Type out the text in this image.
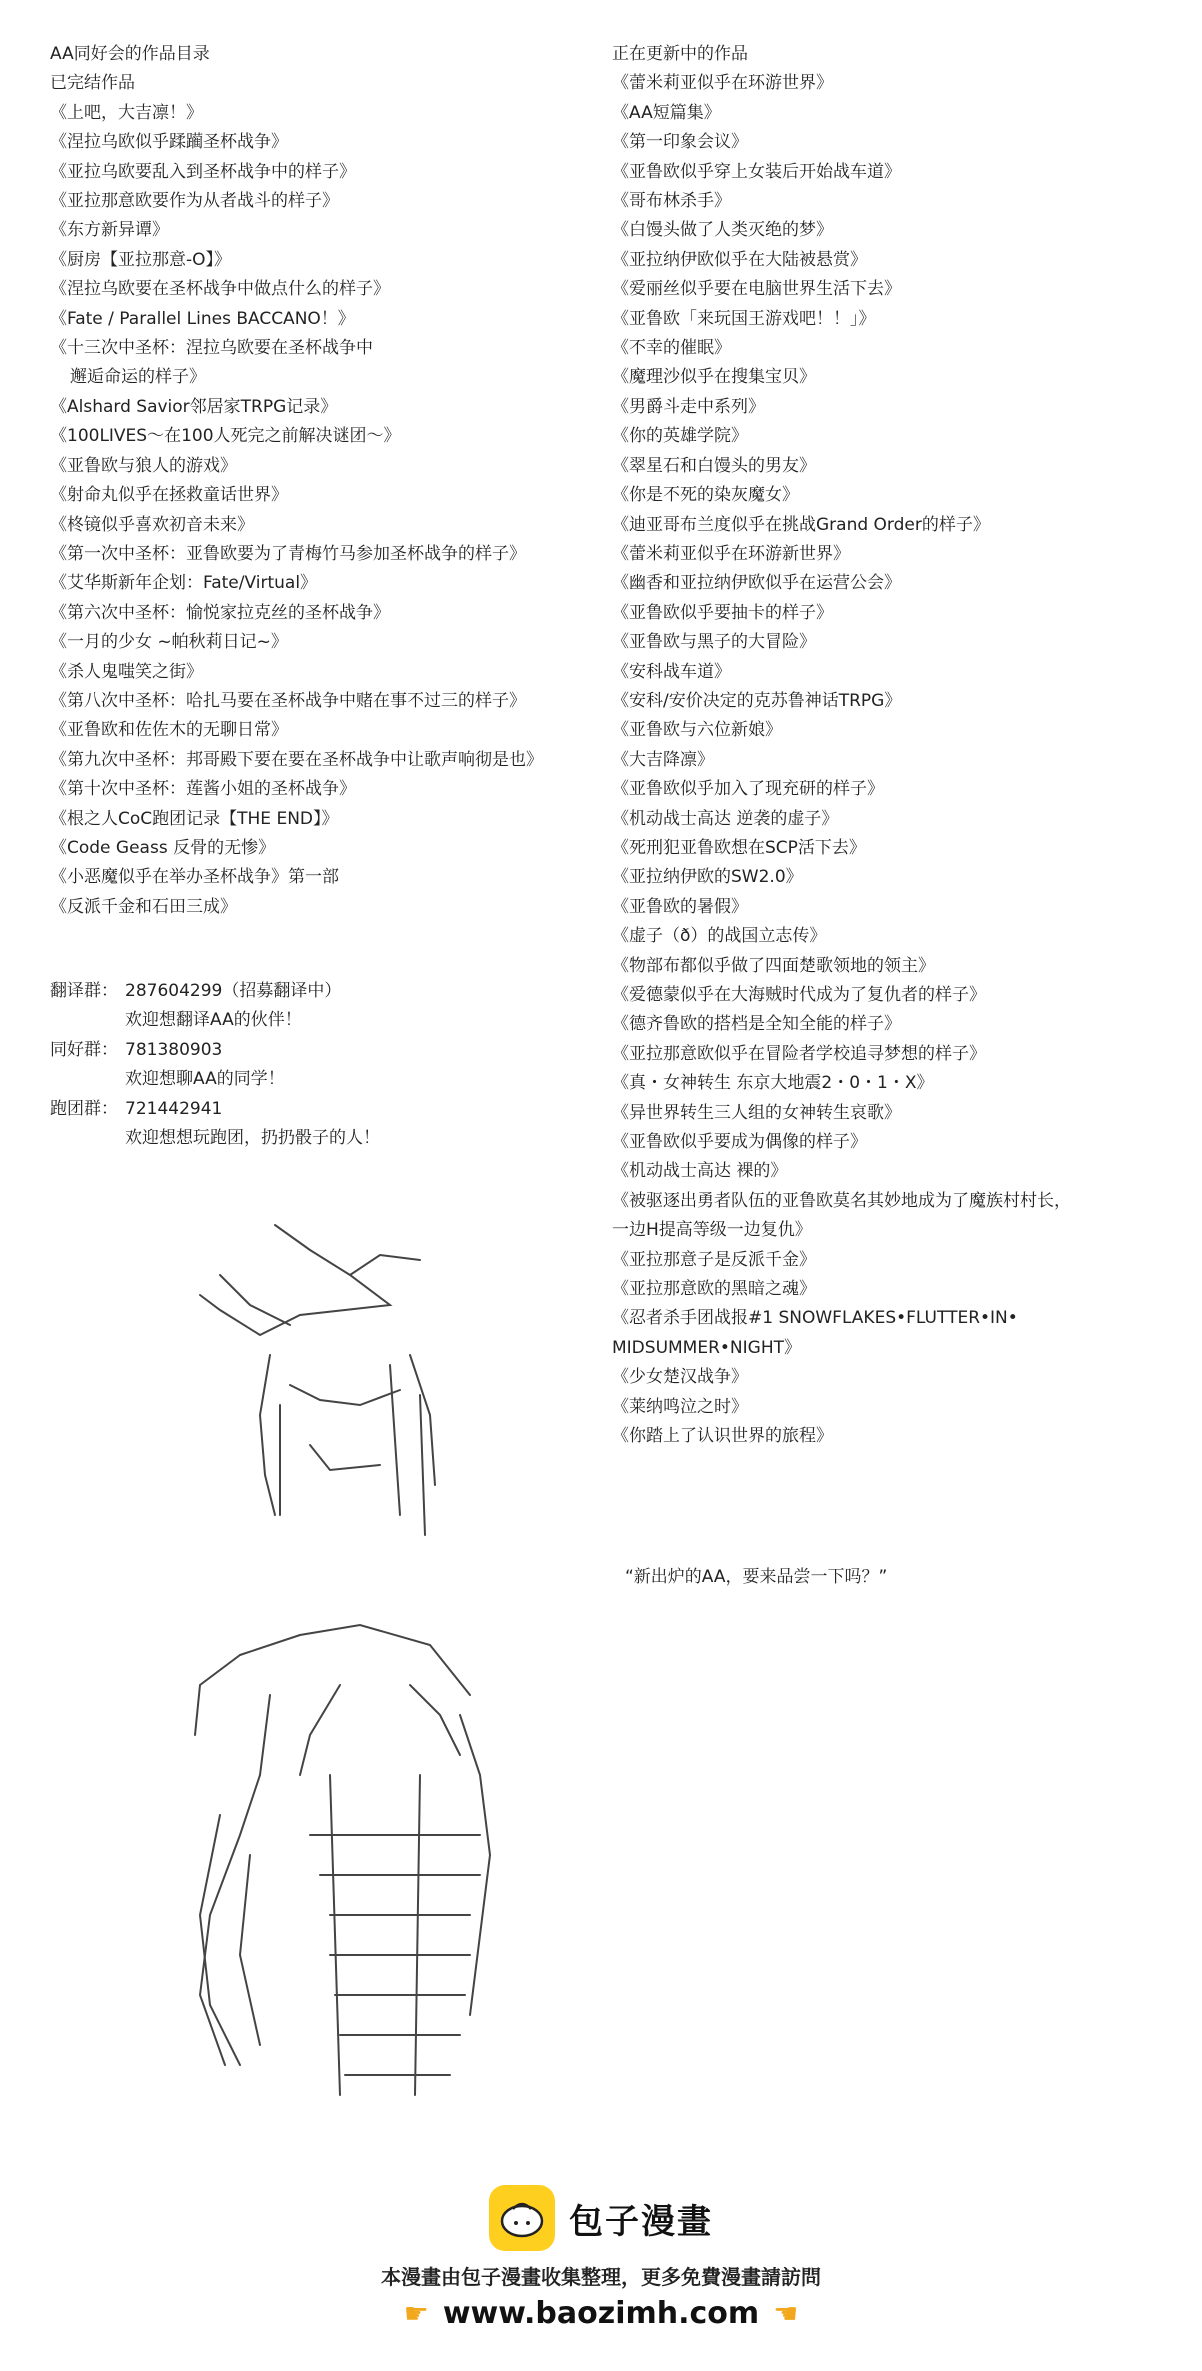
AA同好会的作品目录
已完结作品
《上吧，大吉凛！》
《涅拉乌欧似乎蹂躏圣杯战争》
《亚拉乌欧要乱入到圣杯战争中的样子》
《亚拉那意欧要作为从者战斗的样子》
《东方新异谭》
《厨房【亚拉那意-O】》
《涅拉乌欧要在圣杯战争中做点什么的样子》
《Fate / Parallel Lines BACCANO！》
《十三次中圣杯：涅拉乌欧要在圣杯战争中
邂逅命运的样子》
《Alshard Savior邻居家TRPG记录》
《100LIVES～在100人死完之前解决谜团～》
《亚鲁欧与狼人的游戏》
《射命丸似乎在拯救童话世界》
《柊镜似乎喜欢初音未来》
《第一次中圣杯：亚鲁欧要为了青梅竹马参加圣杯战争的样子》
《艾华斯新年企划：Fate/Virtual》
《第六次中圣杯：愉悦家拉克丝的圣杯战争》
《一月的少女 ~帕秋莉日记~》
《杀人鬼嗤笑之街》
《第八次中圣杯：哈扎马要在圣杯战争中赌在事不过三的样子》
《亚鲁欧和佐佐木的无聊日常》
《第九次中圣杯：邦哥殿下要在要在圣杯战争中让歌声响彻是也》
《第十次中圣杯：莲酱小姐的圣杯战争》
《根之人CoC跑团记录【THE END】》
《Code Geass 反骨的无惨》
《小恶魔似乎在举办圣杯战争》第一部
《反派千金和石田三成》
翻译群： 287604299（招募翻译中）
欢迎想翻译AA的伙伴！
同好群： 781380903
欢迎想聊AA的同学！
跑团群： 721442941
欢迎想想玩跑团，扔扔骰子的人！
正在更新中的作品
《蕾米莉亚似乎在环游世界》
《AA短篇集》
《第一印象会议》
《亚鲁欧似乎穿上女装后开始战车道》
《哥布林杀手》
《白馒头做了人类灭绝的梦》
《亚拉纳伊欧似乎在大陆被悬赏》
《爱丽丝似乎要在电脑世界生活下去》
《亚鲁欧「来玩国王游戏吧！！」》
《不幸的催眠》
《魔理沙似乎在搜集宝贝》
《男爵斗走中系列》
《你的英雄学院》
《翠星石和白馒头的男友》
《你是不死的染灰魔女》
《迪亚哥布兰度似乎在挑战Grand Order的样子》
《蕾米莉亚似乎在环游新世界》
《幽香和亚拉纳伊欧似乎在运营公会》
《亚鲁欧似乎要抽卡的样子》
《亚鲁欧与黑子的大冒险》
《安科战车道》
《安科/安价决定的克苏鲁神话TRPG》
《亚鲁欧与六位新娘》
《大吉降凛》
《亚鲁欧似乎加入了现充研的样子》
《机动战士高达 逆袭的虚子》
《死刑犯亚鲁欧想在SCP活下去》
《亚拉纳伊欧的SW2.0》
《亚鲁欧的暑假》
《虚子（ð）的战国立志传》
《物部布都似乎做了四面楚歌领地的领主》
《爱德蒙似乎在大海贼时代成为了复仇者的样子》
《德齐鲁欧的搭档是全知全能的样子》
《亚拉那意欧似乎在冒险者学校追寻梦想的样子》
《真・女神转生 东京大地震2・0・1・X》
《异世界转生三人组的女神转生哀歌》
《亚鲁欧似乎要成为偶像的样子》
《机动战士高达 裸的》
《被驱逐出勇者队伍的亚鲁欧莫名其妙地成为了魔族村村长，
一边H提高等级一边复仇》
《亚拉那意子是反派千金》
《亚拉那意欧的黑暗之魂》
《忍者杀手团战报#1 SNOWFLAKES•FLUTTER•IN•
MIDSUMMER•NIGHT》
《少女楚汉战争》
《莱纳鸣泣之时》
《你踏上了认识世界的旅程》
“新出炉的AA，要来品尝一下吗？”
包子漫畫
本漫畫由包子漫畫收集整理，更多免費漫畫請訪問
☛ www.baozimh.com ☚
